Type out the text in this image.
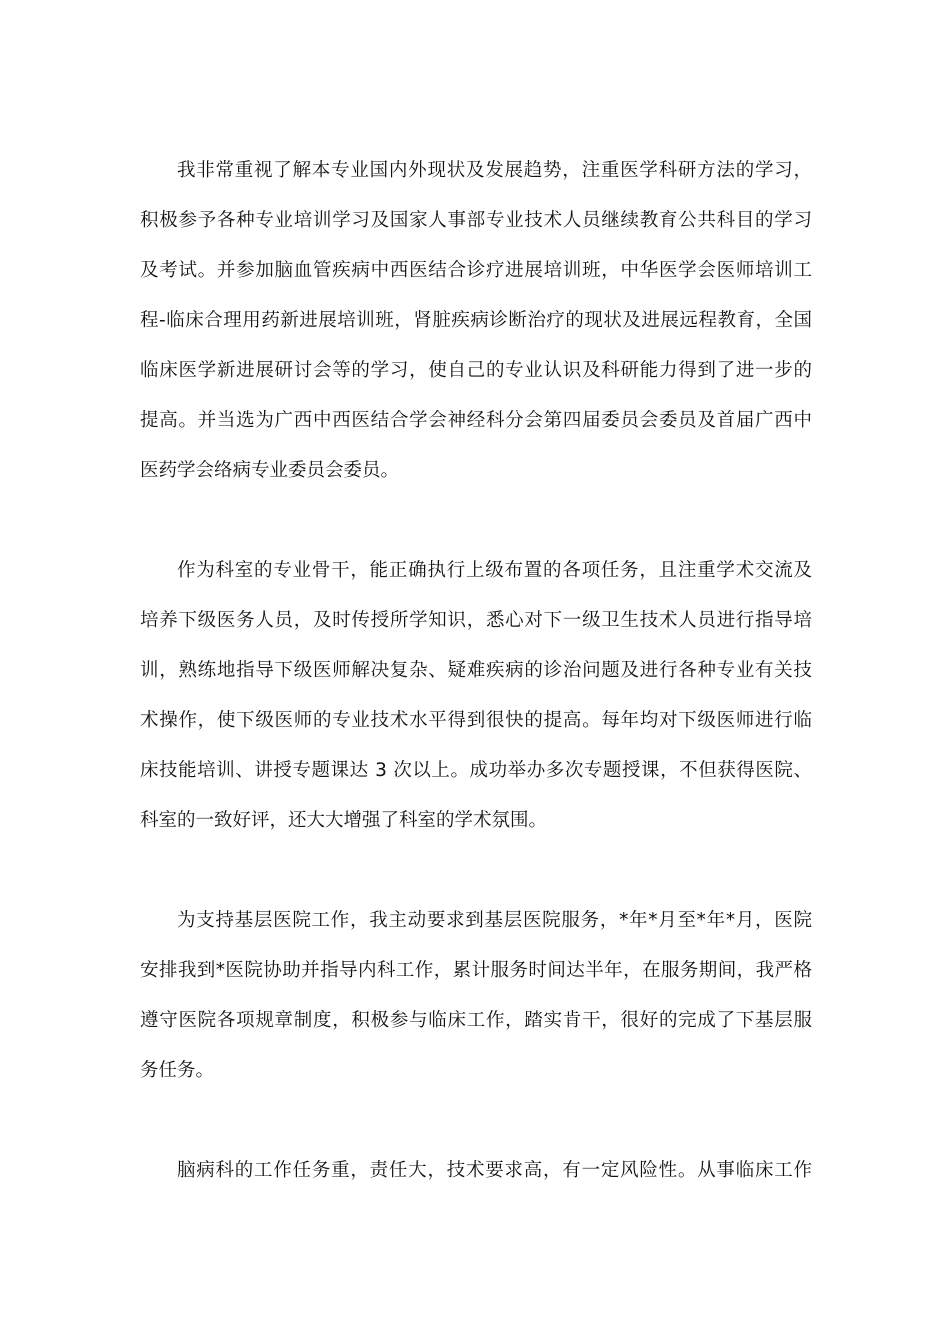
我非常重视了解本专业国内外现状及发展趋势，注重医学科研方法的学习，
积极参予各种专业培训学习及国家人事部专业技术人员继续教育公共科目的学习
及考试。并参加脑血管疾病中西医结合诊疗进展培训班，中华医学会医师培训工
程-临床合理用药新进展培训班，肾脏疾病诊断治疗的现状及进展远程教育，全国
临床医学新进展研讨会等的学习，使自己的专业认识及科研能力得到了进一步的
提高。并当选为广西中西医结合学会神经科分会第四届委员会委员及首届广西中
医药学会络病专业委员会委员。
作为科室的专业骨干，能正确执行上级布置的各项任务，且注重学术交流及
培养下级医务人员，及时传授所学知识，悉心对下一级卫生技术人员进行指导培
训，熟练地指导下级医师解决复杂、疑难疾病的诊治问题及进行各种专业有关技
术操作，使下级医师的专业技术水平得到很快的提高。每年均对下级医师进行临
床技能培训、讲授专题课达 3 次以上。成功举办多次专题授课，不但获得医院、
科室的一致好评，还大大增强了科室的学术氛围。
为支持基层医院工作，我主动要求到基层医院服务，*年*月至*年*月，医院
安排我到*医院协助并指导内科工作，累计服务时间达半年，在服务期间，我严格
遵守医院各项规章制度，积极参与临床工作，踏实肯干，很好的完成了下基层服
务任务。
脑病科的工作任务重，责任大，技术要求高，有一定风险性。从事临床工作
